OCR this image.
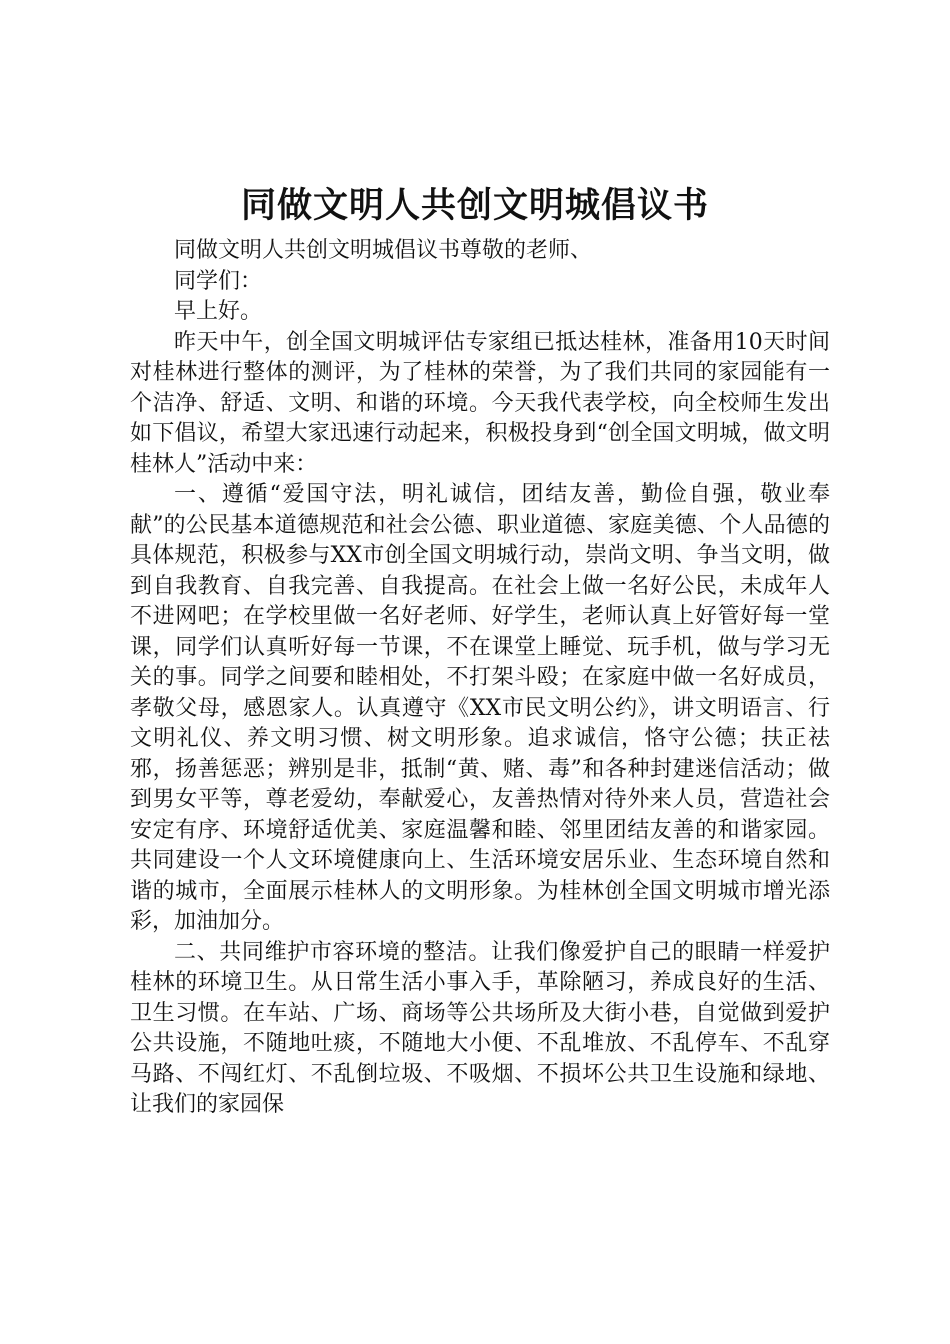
同做文明人共创文明城倡议书

同做文明人共创文明城倡议书尊敬的老师、

同学们：

早上好。

昨天中午，创全国文明城评估专家组已抵达桂林，准备用10天时间对桂林进行整体的测评，为了桂林的荣誉，为了我们共同的家园能有一个洁净、舒适、文明、和谐的环境。今天我代表学校，向全校师生发出如下倡议，希望大家迅速行动起来，积极投身到“创全国文明城，做文明桂林人”活动中来：

一、遵循“爱国守法，明礼诚信，团结友善，勤俭自强，敬业奉献”的公民基本道德规范和社会公德、职业道德、家庭美德、个人品德的具体规范，积极参与XX市创全国文明城行动，崇尚文明、争当文明，做到自我教育、自我完善、自我提高。在社会上做一名好公民，未成年人不进网吧；在学校里做一名好老师、好学生，老师认真上好管好每一堂课，同学们认真听好每一节课，不在课堂上睡觉、玩手机，做与学习无关的事。同学之间要和睦相处，不打架斗殴；在家庭中做一名好成员，孝敬父母，感恩家人。认真遵守《XX市民文明公约》，讲文明语言、行文明礼仪、养文明习惯、树文明形象。追求诚信，恪守公德；扶正祛邪，扬善惩恶；辨别是非，抵制“黄、赌、毒”和各种封建迷信活动；做到男女平等，尊老爱幼，奉献爱心，友善热情对待外来人员，营造社会安定有序、环境舒适优美、家庭温馨和睦、邻里团结友善的和谐家园。共同建设一个人文环境健康向上、生活环境安居乐业、生态环境自然和谐的城市，全面展示桂林人的文明形象。为桂林创全国文明城市增光添彩，加油加分。

二、共同维护市容环境的整洁。让我们像爱护自己的眼睛一样爱护桂林的环境卫生。从日常生活小事入手，革除陋习，养成良好的生活、卫生习惯。在车站、广场、商场等公共场所及大街小巷，自觉做到爱护公共设施，不随地吐痰，不随地大小便、不乱堆放、不乱停车、不乱穿马路、不闯红灯、不乱倒垃圾、不吸烟、不损坏公共卫生设施和绿地、让我们的家园保
